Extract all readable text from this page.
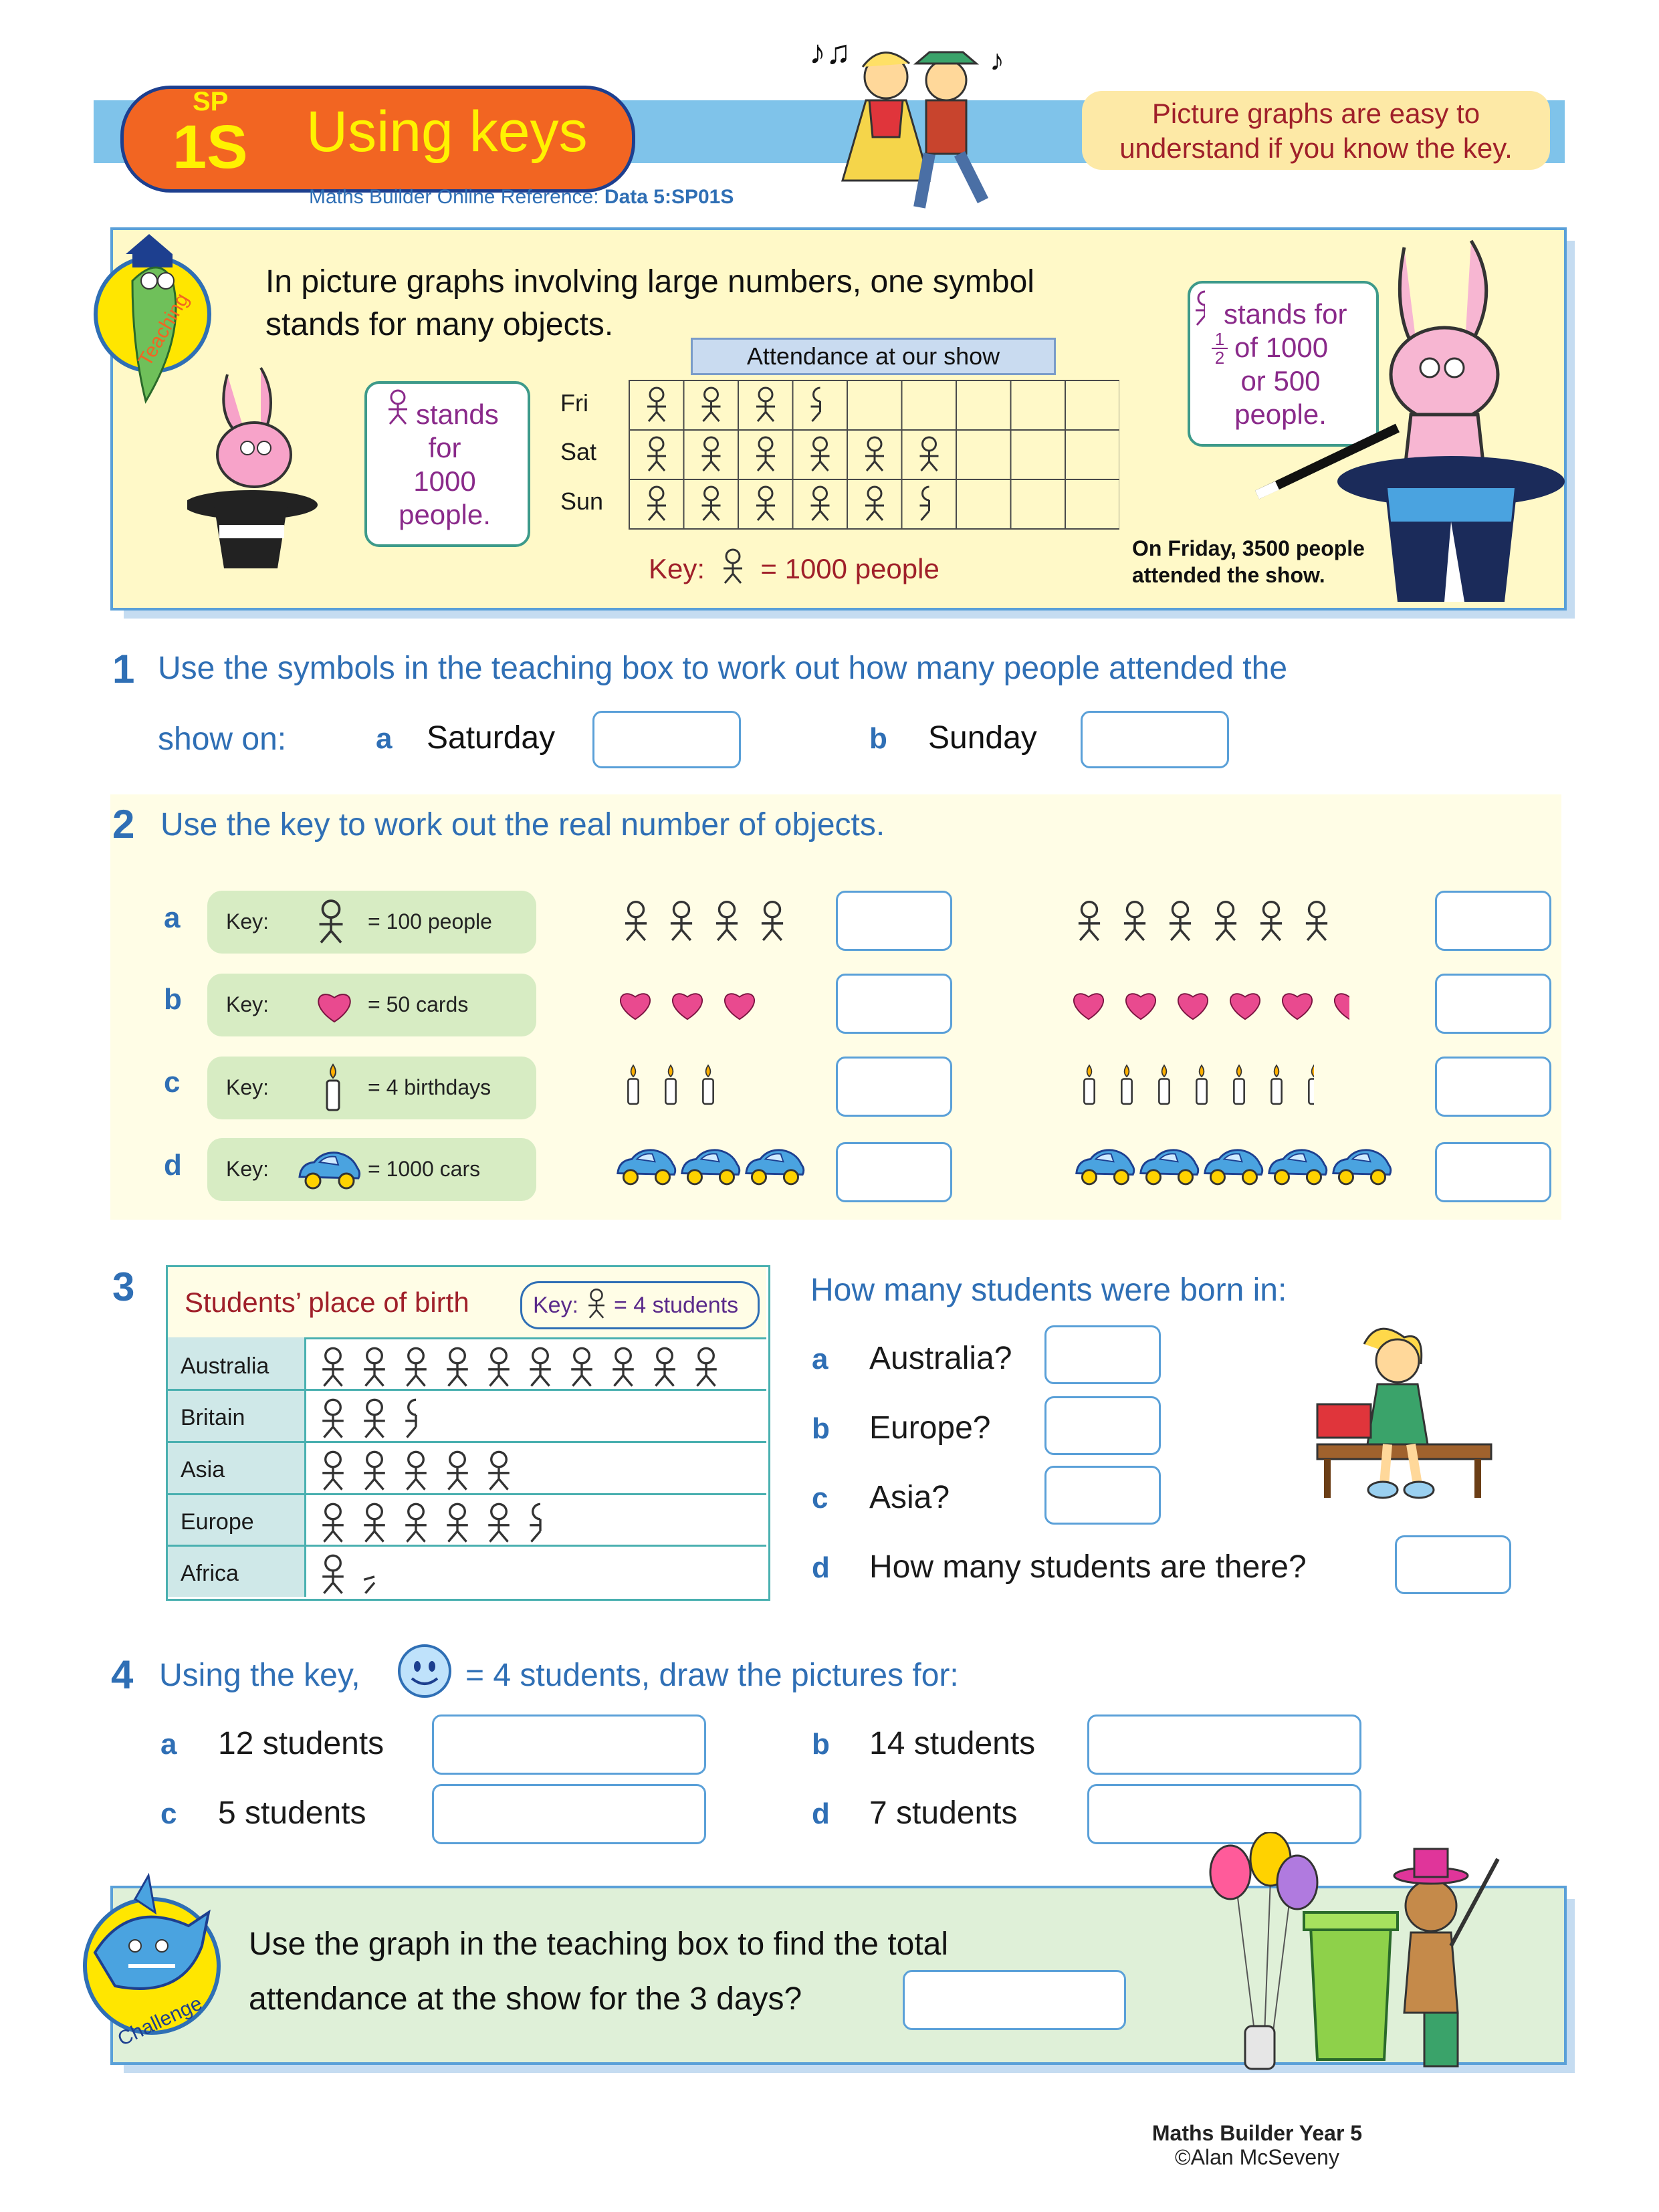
SP
1S Using keys
Maths Builder Online Reference: Data 5:SP01S
♪♫	♪
Picture graphs are easy to
understand if you know the key.
Teaching
In picture graphs involving large numbers, one symbol
stands for many objects.
stands
for
1000
people.
Attendance at our show
Fri
Sat
Sun
Key: = 1000 people
stands for
$\frac{1}{2}$ of 1000
or 500
people.
On Friday, 3500 people
attended the show.
1 Use the symbols in the teaching box to work out how many people attended the
show on:	a Saturday	b Sunday
2 Use the key to work out the real number of objects.
a Key:	= 100 people
b Key:	= 50 cards
c Key:	= 4 birthdays
d Key:	= 1000 cars
3 Students’ place of birth	Key: = 4 students
Australia
Britain
Asia
Europe
Africa
How many students were born in:
a Australia?
b Europe?
c Asia?
d How many students are there?
4 Using the key,	= 4 students, draw the pictures for:
a 12 students	b 14 students
c 5 students	d 7 students
Challenge
Use the graph in the teaching box to find the total
attendance at the show for the 3 days?
Maths Builder Year 5
©Alan McSeveny
